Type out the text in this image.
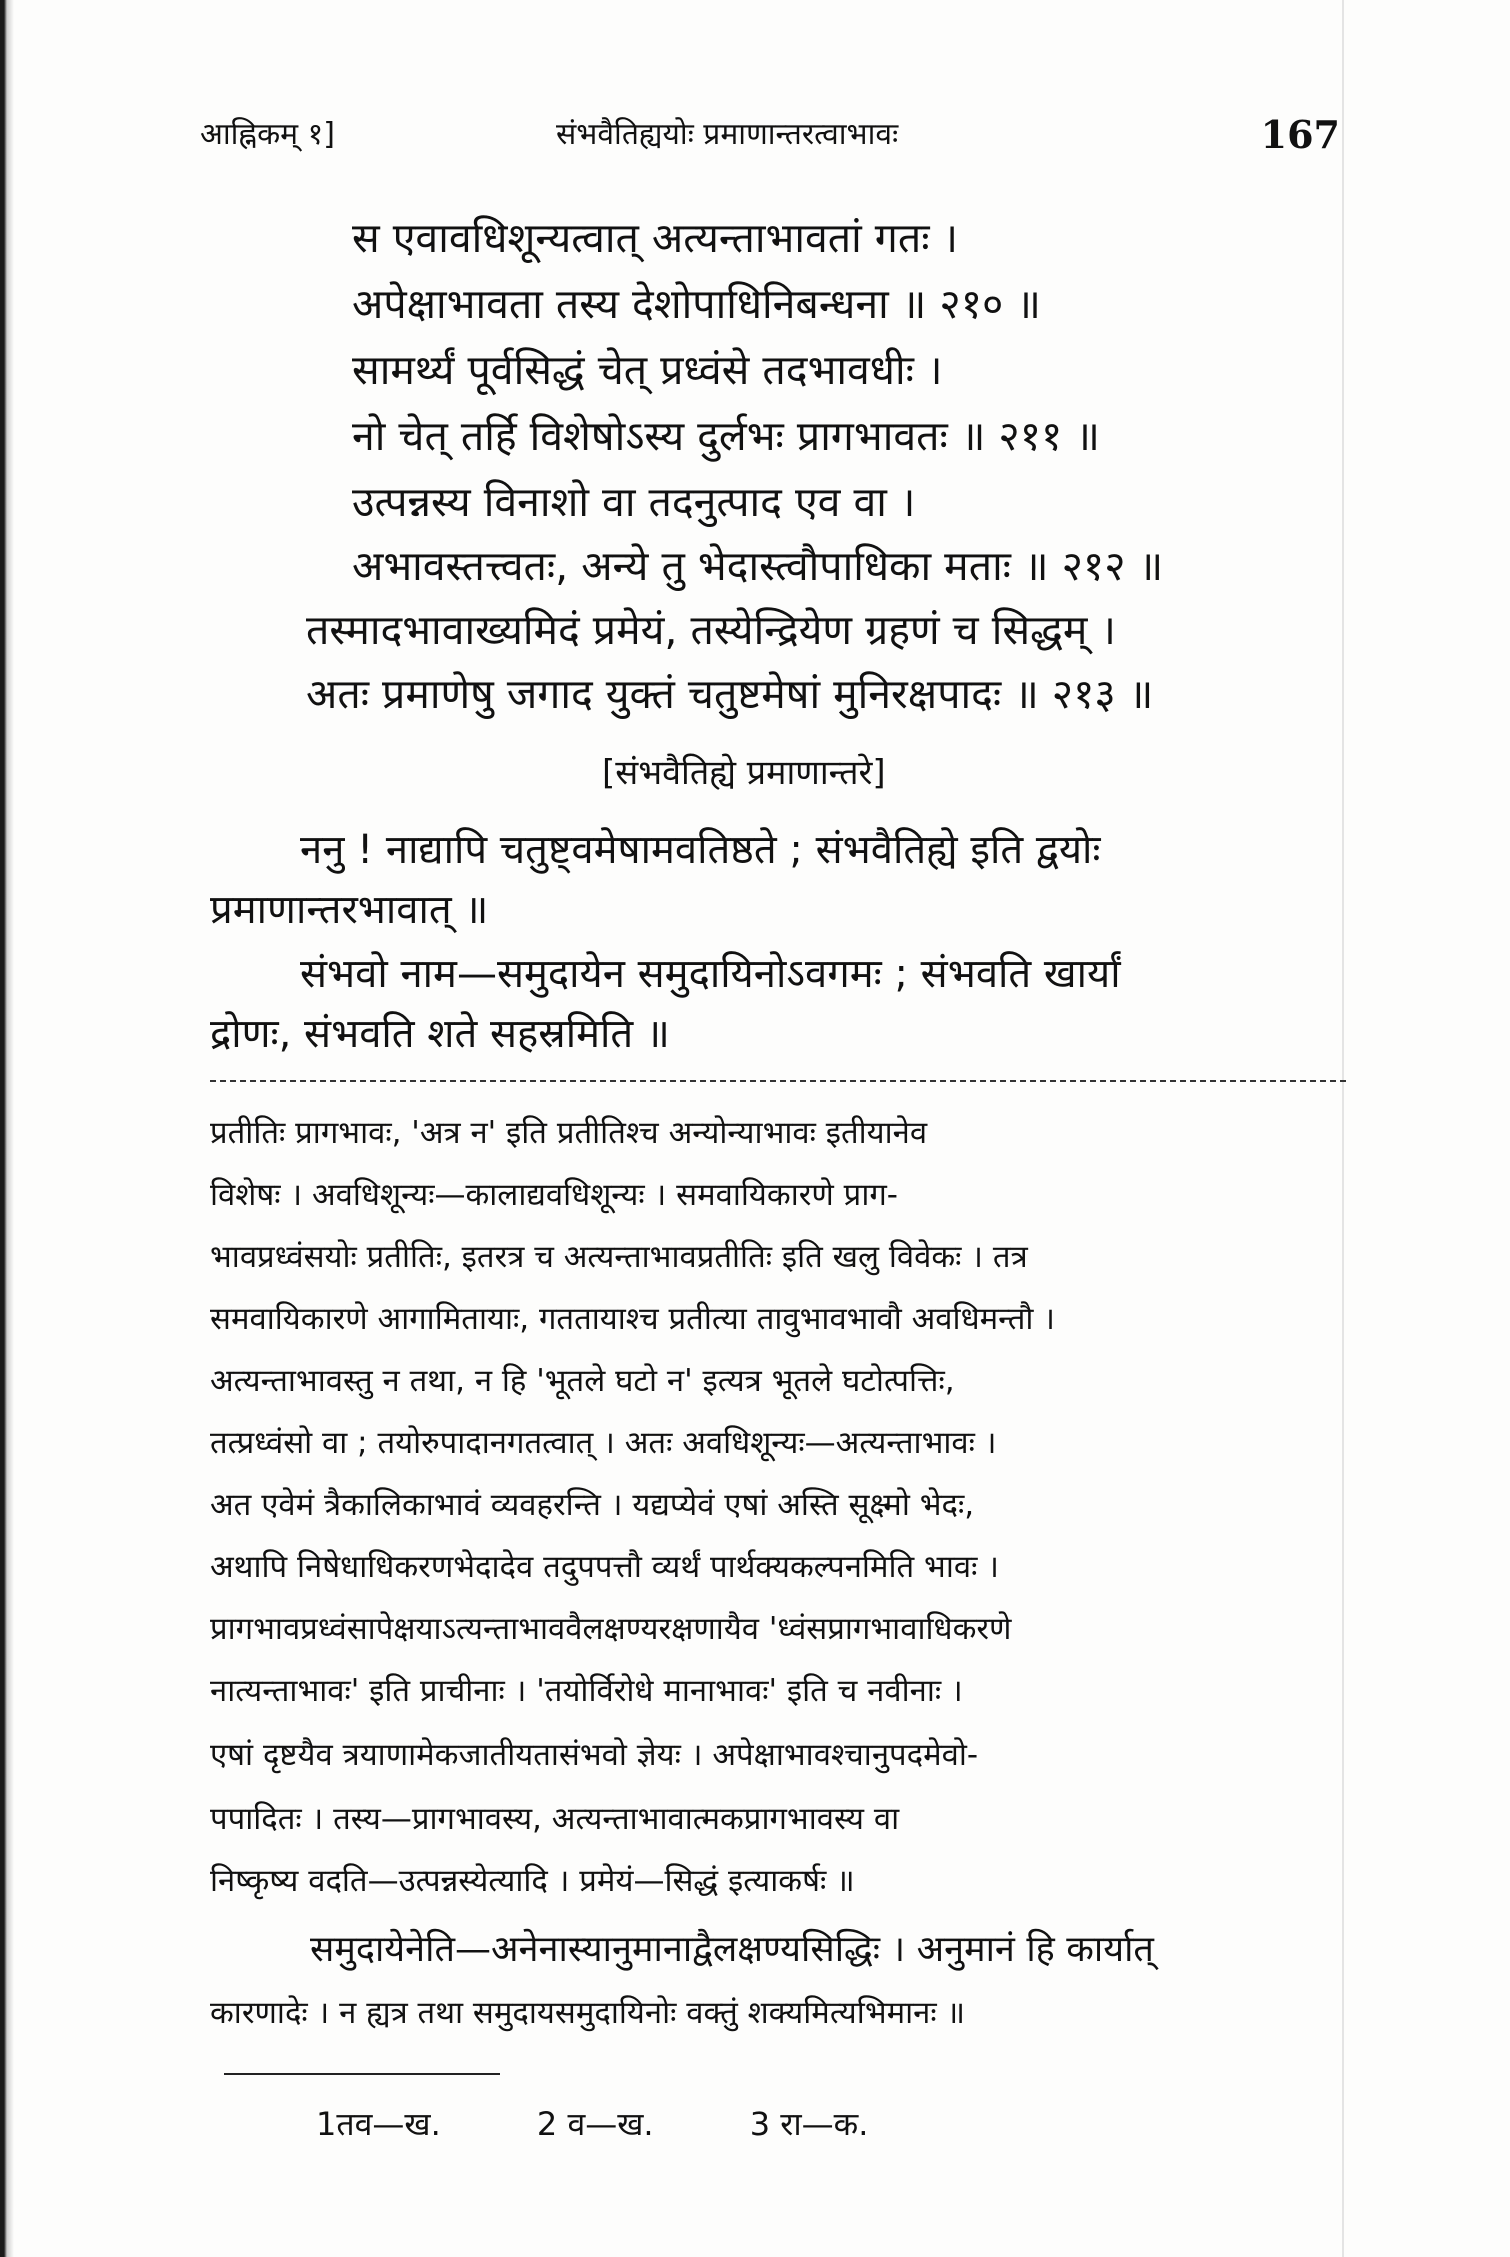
आह्निकम् १]	संभवैतिह्ययोः प्रमाणान्तरत्वाभावः	167
स एवावधिशून्यत्वात् अत्यन्ताभावतां गतः ।
अपेक्षाभावता तस्य देशोपाधिनिबन्धना ॥ २१० ॥
सामर्थ्यं पूर्वसिद्धं चेत् प्रध्वंसे तदभावधीः ।
नो चेत् तर्हि विशेषोऽस्य दुर्लभः प्रागभावतः ॥ २११ ॥
उत्पन्नस्य विनाशो वा तदनुत्पाद एव वा ।
अभावस्तत्त्वतः, अन्ये तु भेदास्त्वौपाधिका मताः ॥ २१२ ॥
तस्मादभावाख्यमिदं प्रमेयं, तस्येन्द्रियेण ग्रहणं च सिद्धम् ।
अतः प्रमाणेषु जगाद युक्तं चतुष्टमेषां मुनिरक्षपादः ॥ २१३ ॥
[संभवैतिह्ये प्रमाणान्तरे]
ननु ! नाद्यापि चतुष्ट्वमेषामवतिष्ठते ; संभवैतिह्ये इति द्वयोः
प्रमाणान्तरभावात् ॥
संभवो नाम—समुदायेन समुदायिनोऽवगमः ; संभवति खार्यां
द्रोणः, संभवति शते सहस्रमिति ॥
प्रतीतिः प्रागभावः, 'अत्र न' इति प्रतीतिश्च अन्योन्याभावः इतीयानेव
विशेषः । अवधिशून्यः—कालाद्यवधिशून्यः । समवायिकारणे प्राग-
भावप्रध्वंसयोः प्रतीतिः, इतरत्र च अत्यन्ताभावप्रतीतिः इति खलु विवेकः । तत्र
समवायिकारणे आगामितायाः, गततायाश्च प्रतीत्या तावुभावभावौ अवधिमन्तौ ।
अत्यन्ताभावस्तु न तथा, न हि 'भूतले घटो न' इत्यत्र भूतले घटोत्पत्तिः,
तत्प्रध्वंसो वा ; तयोरुपादानगतत्वात् । अतः अवधिशून्यः—अत्यन्ताभावः ।
अत एवेमं त्रैकालिकाभावं व्यवहरन्ति । यद्यप्येवं एषां अस्ति सूक्ष्मो भेदः,
अथापि निषेधाधिकरणभेदादेव तदुपपत्तौ व्यर्थं पार्थक्यकल्पनमिति भावः ।
प्रागभावप्रध्वंसापेक्षयाऽत्यन्ताभाववैलक्षण्यरक्षणायैव 'ध्वंसप्रागभावाधिकरणे
नात्यन्ताभावः' इति प्राचीनाः । 'तयोर्विरोधे मानाभावः' इति च नवीनाः ।
एषां दृष्टयैव त्रयाणामेकजातीयतासंभवो ज्ञेयः । अपेक्षाभावश्चानुपदमेवो-
पपादितः । तस्य—प्रागभावस्य, अत्यन्ताभावात्मकप्रागभावस्य वा
निष्कृष्य वदति—उत्पन्नस्येत्यादि । प्रमेयं—सिद्धं इत्याकर्षः ॥
समुदायेनेति—अनेनास्यानुमानाद्वैलक्षण्यसिद्धिः । अनुमानं हि कार्यात्
कारणादेः । न ह्यत्र तथा समुदायसमुदायिनोः वक्तुं शक्यमित्यभिमानः ॥
1तव—ख.	2 व—ख.	3 रा—क.
